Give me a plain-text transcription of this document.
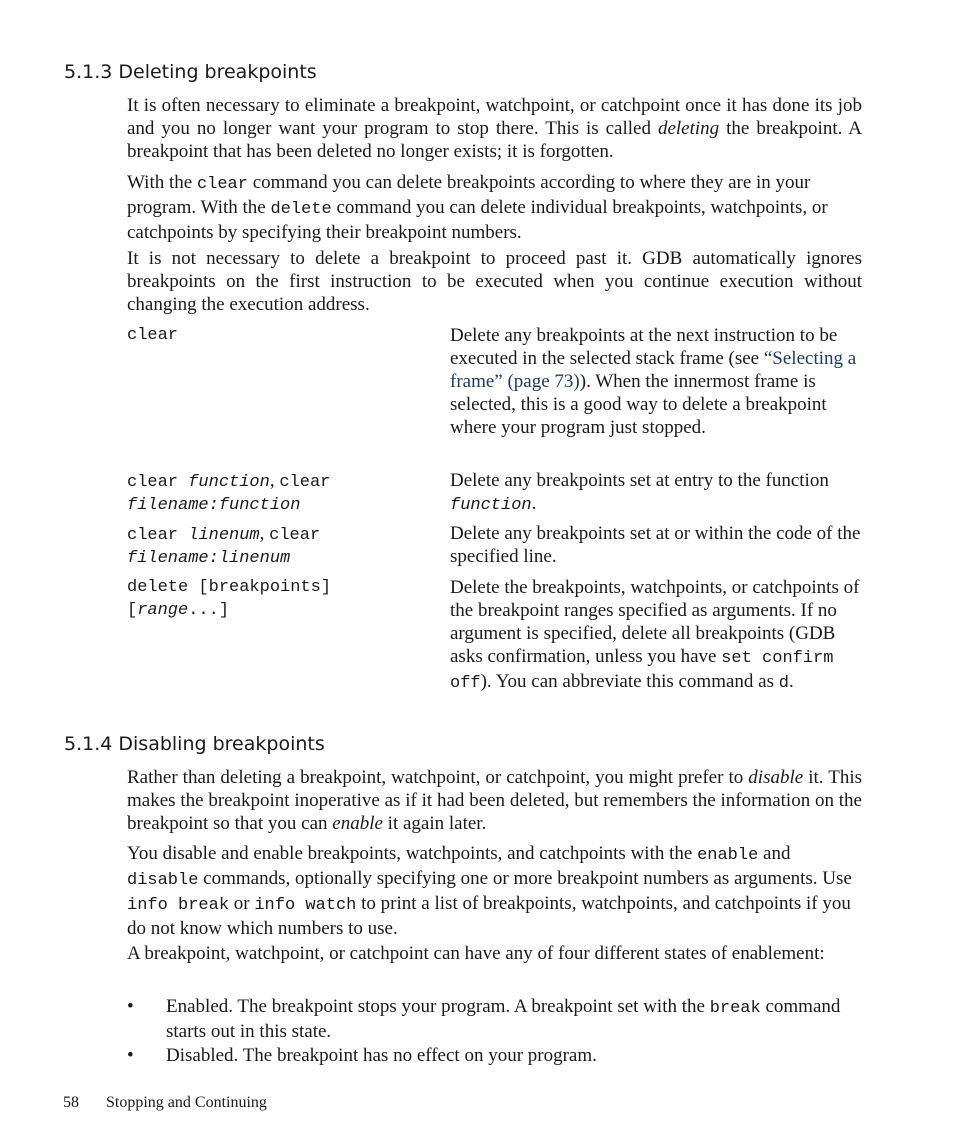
5.1.3 Deleting breakpoints

It is often necessary to eliminate a breakpoint, watchpoint, or catchpoint once it has done its job and you no longer want your program to stop there. This is called deleting the breakpoint. A breakpoint that has been deleted no longer exists; it is forgotten.

With the clear command you can delete breakpoints according to where they are in your program. With the delete command you can delete individual breakpoints, watchpoints, or catchpoints by specifying their breakpoint numbers.

It is not necessary to delete a breakpoint to proceed past it. GDB automatically ignores breakpoints on the first instruction to be executed when you continue execution without changing the execution address.

clear	Delete any breakpoints at the next instruction to be executed in the selected stack frame (see “Selecting a frame” (page 73)). When the innermost frame is selected, this is a good way to delete a breakpoint where your program just stopped.

clear function, clear
filename:function

Delete any breakpoints set at entry to the function function.

clear linenum, clear
filename:linenum

Delete any breakpoints set at or within the code of the specified line.

delete [breakpoints]
[range...]

Delete the breakpoints, watchpoints, or catchpoints of the breakpoint ranges specified as arguments. If no argument is specified, delete all breakpoints (GDB asks confirmation, unless you have set confirm off). You can abbreviate this command as d.

5.1.4 Disabling breakpoints

Rather than deleting a breakpoint, watchpoint, or catchpoint, you might prefer to disable it. This makes the breakpoint inoperative as if it had been deleted, but remembers the information on the breakpoint so that you can enable it again later.

You disable and enable breakpoints, watchpoints, and catchpoints with the enable and disable commands, optionally specifying one or more breakpoint numbers as arguments. Use info break or info watch to print a list of breakpoints, watchpoints, and catchpoints if you do not know which numbers to use.

A breakpoint, watchpoint, or catchpoint can have any of four different states of enablement:

• Enabled. The breakpoint stops your program. A breakpoint set with the break command starts out in this state.

• Disabled. The breakpoint has no effect on your program.

58 Stopping and Continuing
